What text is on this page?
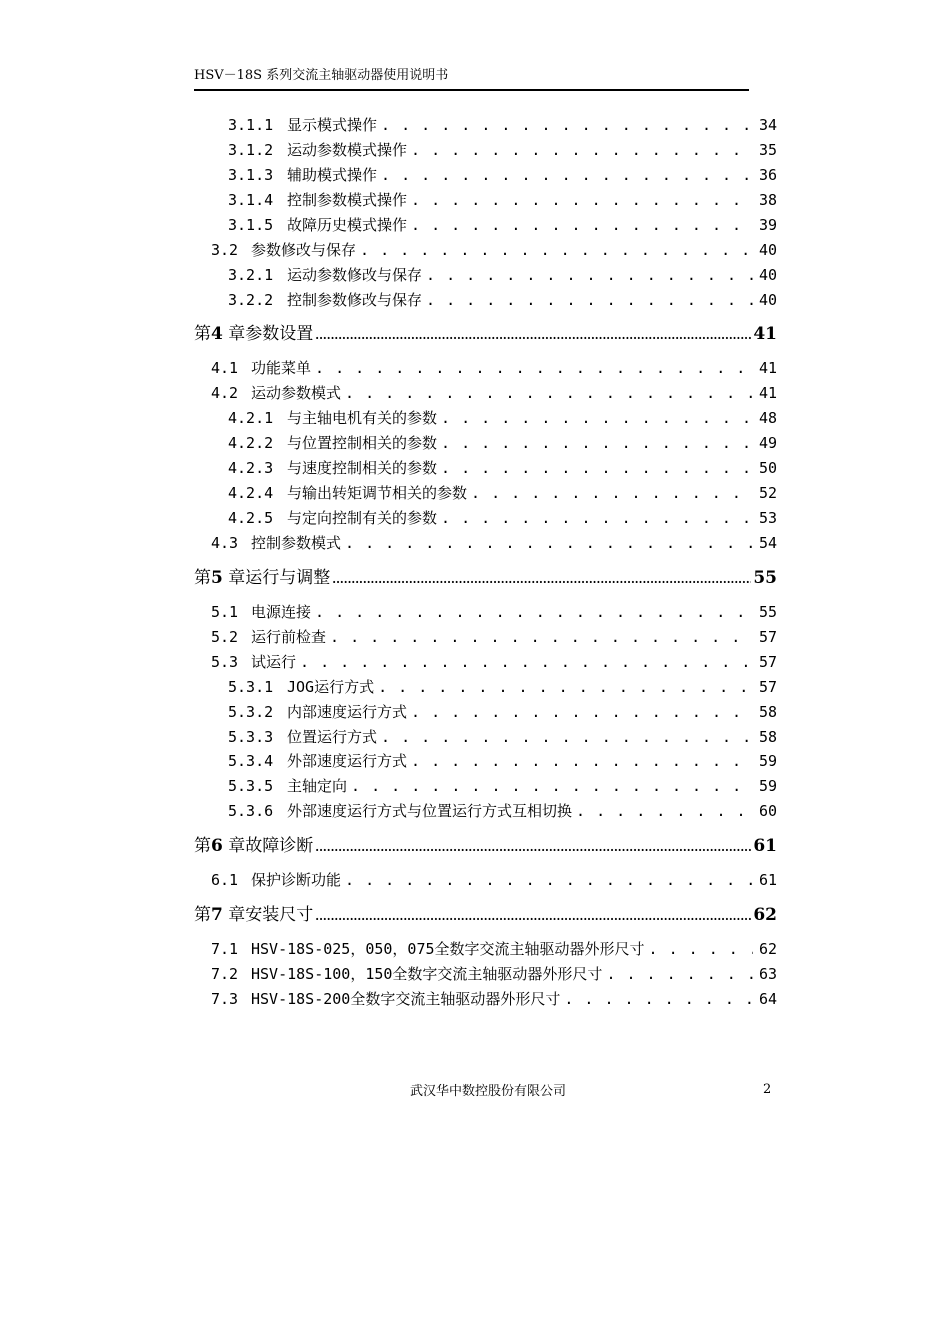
HSV－18S 系列交流主轴驱动器使用说明书
3.1.1 显示模式操作 . . .	34
3.1.2 运动参数模式操作 . . .	35
3.1.3 辅助模式操作 . . .	36
3.1.4 控制参数模式操作 . . .	38
3.1.5 故障历史模式操作 . . .	39
3.2 参数修改与保存 . . .	40
3.2.1 运动参数修改与保存 . . .	40
3.2.2 控制参数修改与保存 . . .	40
第4 章 参数设置 .....	41
4.1 功能菜单 . . .	41
4.2 运动参数模式 . . .	41
4.2.1 与主轴电机有关的参数 . . .	48
4.2.2 与位置控制相关的参数 . . .	49
4.2.3 与速度控制相关的参数 . . .	50
4.2.4 与输出转矩调节相关的参数 . . .	52
4.2.5 与定向控制有关的参数 . . .	53
4.3 控制参数模式 . . .	54
第5 章 运行与调整 .....	55
5.1 电源连接 . . .	55
5.2 运行前检查 . . .	57
5.3 试运行 . . .	57
5.3.1 JOG运行方式 . . .	57
5.3.2 内部速度运行方式 . . .	58
5.3.3 位置运行方式 . . .	58
5.3.4 外部速度运行方式 . . .	59
5.3.5 主轴定向 . . .	59
5.3.6 外部速度运行方式与位置运行方式互相切换 . . .	60
第6 章 故障诊断 .....	61
6.1 保护诊断功能 . . .	61
第7 章 安装尺寸 .....	62
7.1 HSV-18S-025，050，075全数字交流主轴驱动器外形尺寸 . . .	62
7.2 HSV-18S-100，150全数字交流主轴驱动器外形尺寸 . . .	63
7.3 HSV-18S-200全数字交流主轴驱动器外形尺寸 . . .	64
武汉华中数控股份有限公司	2
